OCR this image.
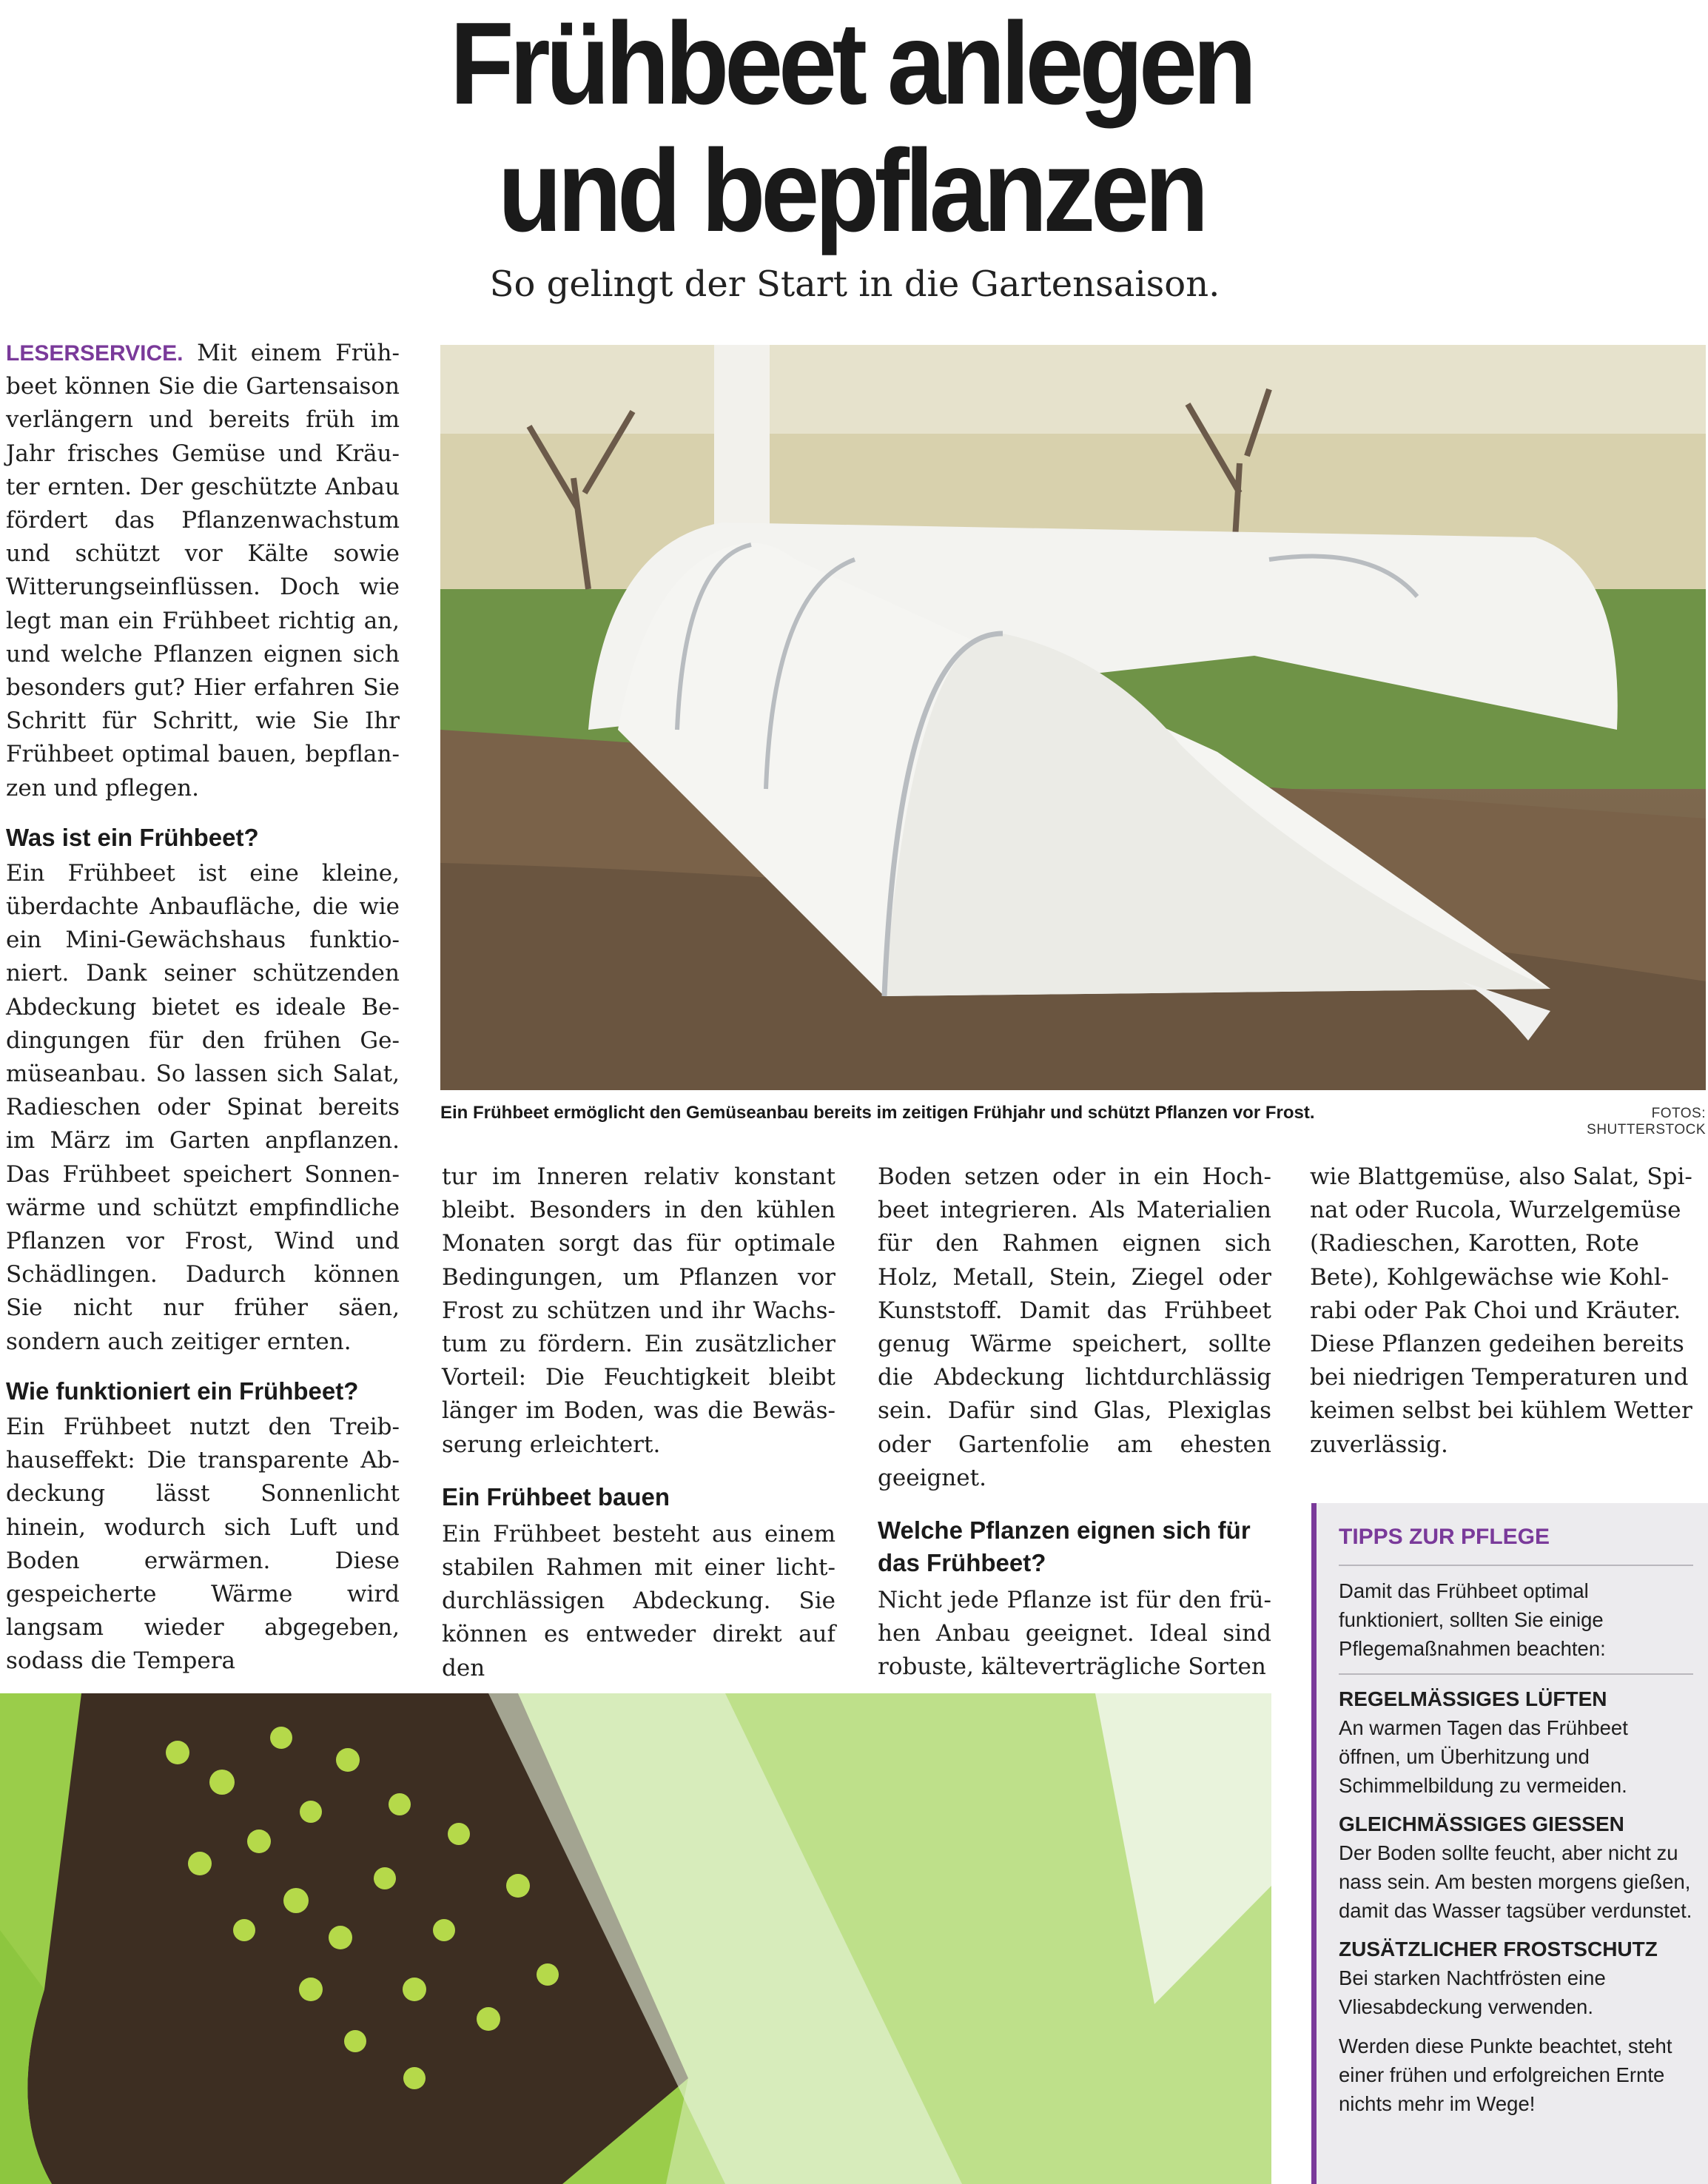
Frühbeet anlegen
und bepflanzen
So gelingt der Start in die Gartensaison.

LESERSERVICE. Mit einem Frühbeet können Sie die Gartensaison verlängern und bereits früh im Jahr frisches Gemüse und Kräuter ernten. Der geschützte Anbau fördert das Pflanzenwachstum und schützt vor Kälte sowie Witterungseinflüssen. Doch wie legt man ein Frühbeet richtig an, und welche Pflanzen eignen sich besonders gut? Hier erfahren Sie Schritt für Schritt, wie Sie Ihr Frühbeet optimal bauen, bepflanzen und pflegen.

Was ist ein Frühbeet?

Ein Frühbeet ist eine kleine, überdachte Anbaufläche, die wie ein Mini-Gewächshaus funktioniert. Dank seiner schützenden Abdeckung bietet es ideale Bedingungen für den frühen Gemüseanbau. So lassen sich Salat, Radieschen oder Spinat bereits im März im Garten anpflanzen. Das Frühbeet speichert Sonnenwärme und schützt empfindliche Pflanzen vor Frost, Wind und Schädlingen. Dadurch können Sie nicht nur früher säen, sondern auch zeitiger ernten.

Wie funktioniert ein Frühbeet?

Ein Frühbeet nutzt den Treibhauseffekt: Die transparente Abdeckung lässt Sonnenlicht hinein, wodurch sich Luft und Boden erwärmen. Diese gespeicherte Wärme wird langsam wieder abgegeben, sodass die Tempera

Ein Frühbeet ermöglicht den Gemüseanbau bereits im zeitigen Frühjahr und schützt Pflanzen vor Frost.	FOTOS: SHUTTERSTOCK

tur im Inneren relativ konstant bleibt. Besonders in den kühlen Monaten sorgt das für optimale Bedingungen, um Pflanzen vor Frost zu schützen und ihr Wachstum zu fördern. Ein zusätzlicher Vorteil: Die Feuchtigkeit bleibt länger im Boden, was die Bewässerung erleichtert.

Ein Frühbeet bauen

Ein Frühbeet besteht aus einem stabilen Rahmen mit einer lichtdurchlässigen Abdeckung. Sie können es entweder direkt auf den

Boden setzen oder in ein Hochbeet integrieren. Als Materialien für den Rahmen eignen sich Holz, Metall, Stein, Ziegel oder Kunststoff. Damit das Frühbeet genug Wärme speichert, sollte die Abdeckung lichtdurchlässig sein. Dafür sind Glas, Plexiglas oder Gartenfolie am ehesten geeignet.

Welche Pflanzen eignen sich für das Frühbeet?

Nicht jede Pflanze ist für den frühen Anbau geeignet. Ideal sind robuste, kälteverträgliche Sorten

wie Blattgemüse, also Salat, Spinat oder Rucola, Wurzelgemüse (Radieschen, Karotten, Rote Bete), Kohlgewächse wie Kohlrabi oder Pak Choi und Kräuter. Diese Pflanzen gedeihen bereits bei niedrigen Temperaturen und keimen selbst bei kühlem Wetter zuverlässig.

TIPPS ZUR PFLEGE

Damit das Frühbeet optimal funktioniert, sollten Sie einige Pflegemaßnahmen beachten:

REGELMÄSSIGES LÜFTEN

An warmen Tagen das Frühbeet öffnen, um Überhitzung und Schimmelbildung zu vermeiden.

GLEICHMÄSSIGES GIESSEN

Der Boden sollte feucht, aber nicht zu nass sein. Am besten morgens gießen, damit das Wasser tagsüber verdunstet.

ZUSÄTZLICHER FROSTSCHUTZ

Bei starken Nachtfrösten eine Vliesabdeckung verwenden.

Werden diese Punkte beachtet, steht einer frühen und erfolgreichen Ernte nichts mehr im Wege!
